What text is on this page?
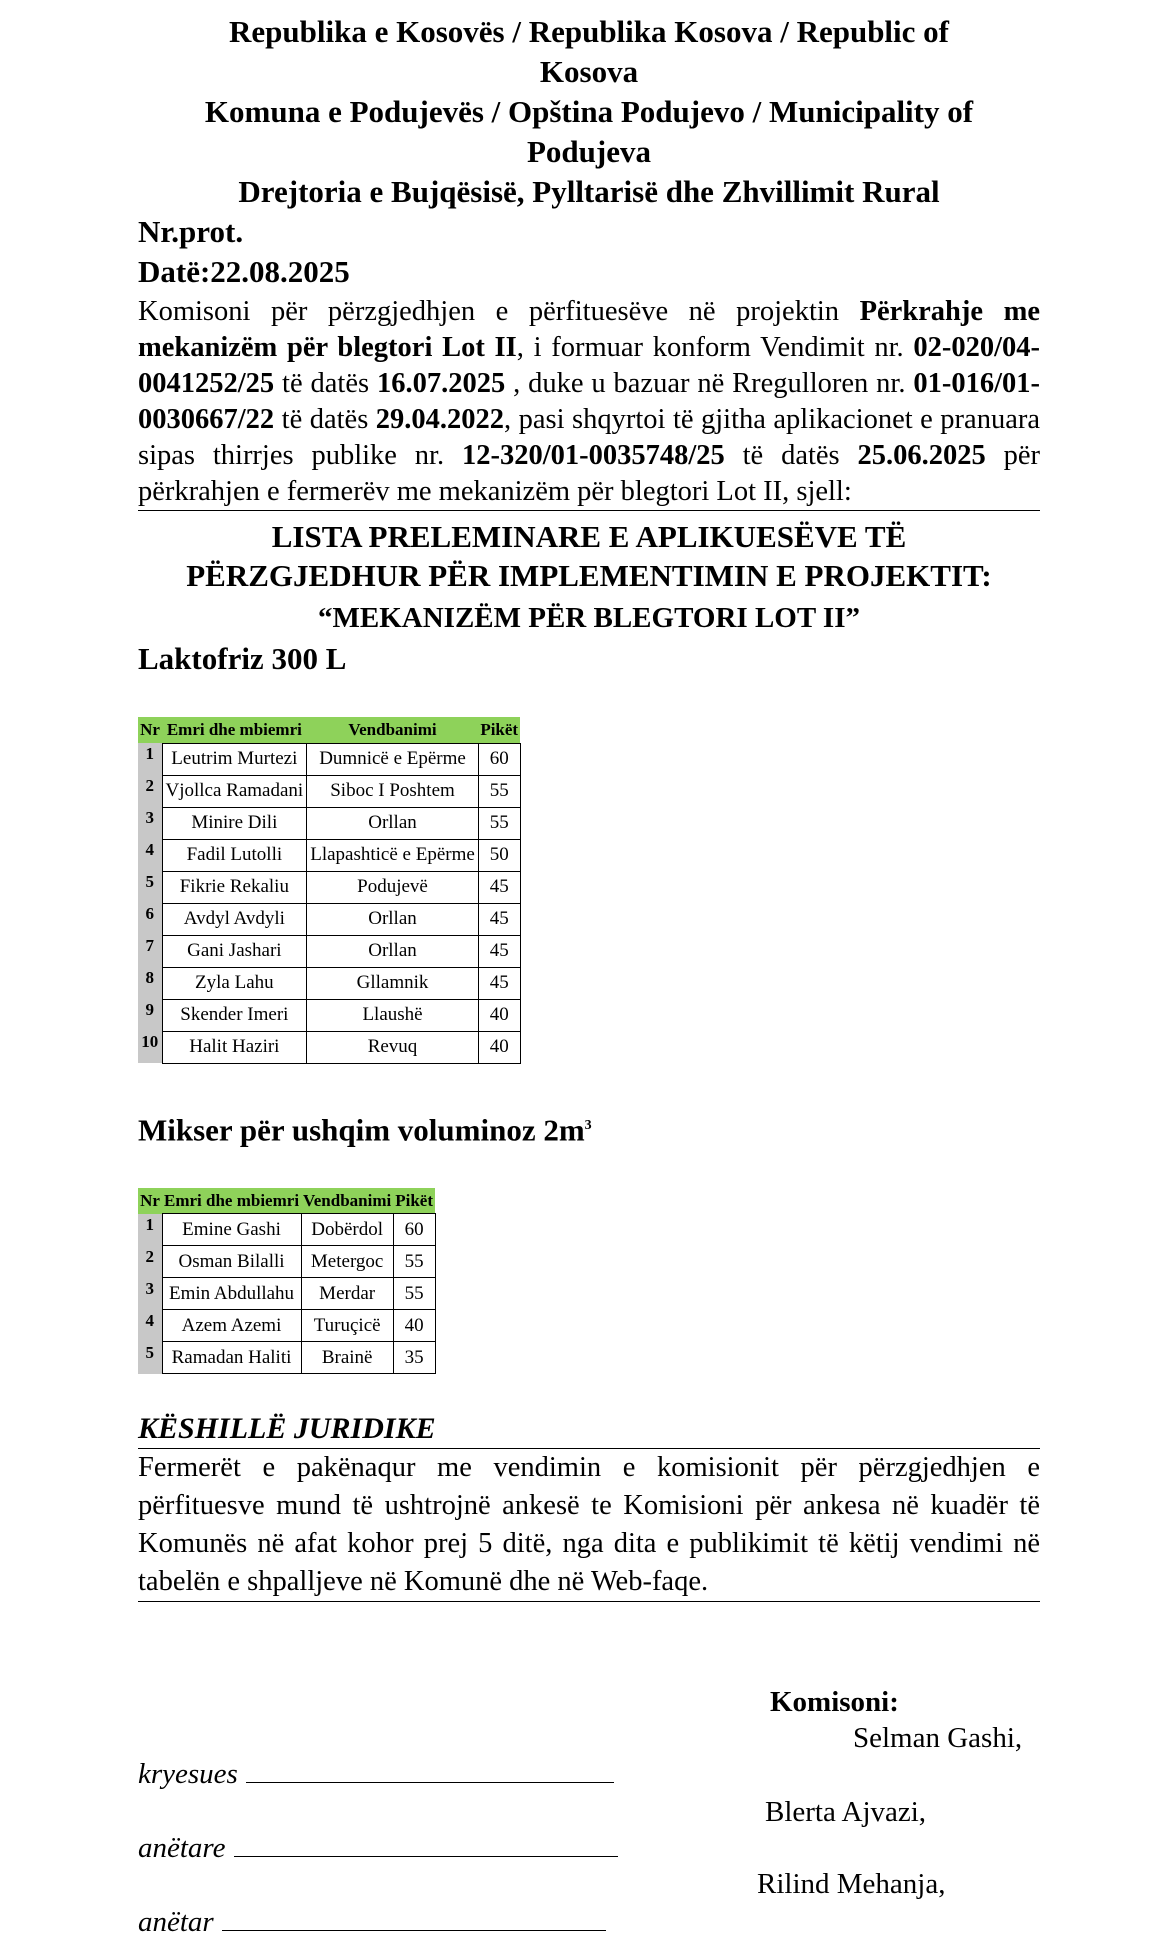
Republika e Kosovës / Republika Kosova / Republic of
Kosova
Komuna e Podujevës / Opština Podujevo / Municipality of
Podujeva
Drejtoria e Bujqësisë, Pylltarisë dhe Zhvillimit Rural
Nr.prot.
Datë:22.08.2025
Komisoni për përzgjedhjen e përfituesëve në projektin Përkrahje me mekanizëm për blegtori Lot II, i formuar konform Vendimit nr. 02-020/04-0041252/25 të datës 16.07.2025 , duke u bazuar në Rregulloren nr. 01-016/01-0030667/22 të datës 29.04.2022, pasi shqyrtoi të gjitha aplikacionet e pranuara sipas thirrjes publike nr. 12-320/01-0035748/25 të datës 25.06.2025 për përkrahjen e fermerëv me mekanizëm për blegtori Lot II, sjell:
LISTA PRELEMINARE E APLIKUESËVE TË
PËRZGJEDHUR PËR IMPLEMENTIMIN E PROJEKTIT:
“MEKANIZËM PËR BLEGTORI LOT II”
Laktofriz 300 L
Nr	Emri dhe mbiemri	Vendbanimi	Pikët
1	Leutrim Murtezi	Dumnicë e Epërme	60
2	Vjollca Ramadani	Siboc I Poshtem	55
3	Minire Dili	Orllan	55
4	Fadil Lutolli	Llapashticë e Epërme	50
5	Fikrie Rekaliu	Podujevë	45
6	Avdyl Avdyli	Orllan	45
7	Gani Jashari	Orllan	45
8	Zyla Lahu	Gllamnik	45
9	Skender Imeri	Llaushë	40
10	Halit Haziri	Revuq	40
Mikser për ushqim voluminoz $2m^3$
Nr	Emri dhe mbiemri	Vendbanimi	Pikët
1	Emine Gashi	Dobërdol	60
2	Osman Bilalli	Metergoc	55
3	Emin Abdullahu	Merdar	55
4	Azem Azemi	Turuçicë	40
5	Ramadan Haliti	Brainë	35
KËSHILLË JURIDIKE
Fermerët e pakënaqur me vendimin e komisionit për përzgjedhjen e përfituesve mund të ushtrojnë ankesë te Komisioni për ankesa në kuadër të Komunës në afat kohor prej 5 ditë, nga dita e publikimit të këtij vendimi në tabelën e shpalljeve në Komunë dhe në Web-faqe.
Komisoni:
Selman Gashi,
kryesues
Blerta Ajvazi,
anëtare
Rilind Mehanja,
anëtar
